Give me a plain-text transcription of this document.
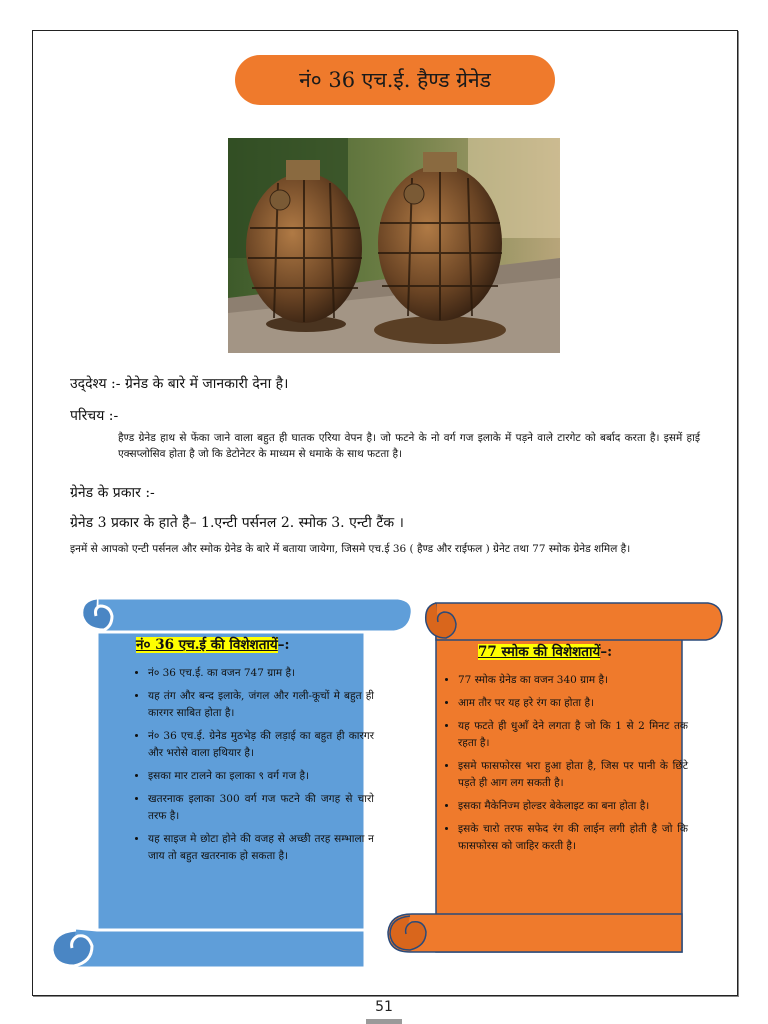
नं० 36 एच.ई. हैण्ड ग्रेनेड
उद्‌देश्य :- ग्रेनेड के बारे में जानकारी देना है।
परिचय :-
हैण्ड ग्रेनेड हाथ से फेंका जाने वाला बहुत ही घातक एरिया वेपन है। जो फटने के नो वर्ग गज इलाके में पड़ने वाले टारगेट को बर्बाद करता है। इसमें हाई एक्सप्लोसिव होता है जो कि डेटोनेटर के माध्यम से धमाके के साथ फटता है।
ग्रेनेड के प्रकार :-
ग्रेनेड 3 प्रकार के हाते है– 1.एन्टी पर्सनल 2. स्मोक 3. एन्टी टैंक ।
इनमें से आपको एन्टी पर्सनल और स्मोक ग्रेनेड के बारे में बताया जायेगा, जिसमे एच.ई 36 ( हैण्ड और राईफल ) ग्रेनेट तथा 77 स्मोक ग्रेनेड शमिल है।
नं० 36 एच.ई की विशेशतायें–:
• नं० 36 एच.ई. का वजन 747 ग्राम है।
• यह तंग और बन्द इलाके, जंगल और गली-कूचों मे बहुत ही कारगर साबित होता है।
• नं० 36 एच.ई. ग्रेनेड मुठभेड़ की लड़ाई का बहुत ही कारगर और भरोसे वाला हथियार है।
• इसका मार टालने का इलाका ९ वर्ग गज है।
• खतरनाक इलाका 300 वर्ग गज फटने की जगह से चारो तरफ है।
• यह साइज मे छोटा होने की वजह से अच्छी तरह सम्भाला न जाय तो बहुत खतरनाक हो सकता है।
77 स्मोक की विशेशतायें–:
• 77 स्मोक ग्रेनेड का वजन 340 ग्राम है।
• आम तौर पर यह हरे रंग का होता है।
• यह फटते ही धुआँ देने लगता है जो कि 1 से 2 मिनट तक रहता है।
• इसमे फासफोरस भरा हुआ होता है, जिस पर पानी के छिंटे पड़ते ही आग लग सकती है।
• इसका मैकेनिज्म होल्डर बेकेलाइट का बना होता है।
• इसके चारो तरफ सफेद रंग की लाईन लगी होती है जो कि फासफोरस को जाहिर करती है।
51
